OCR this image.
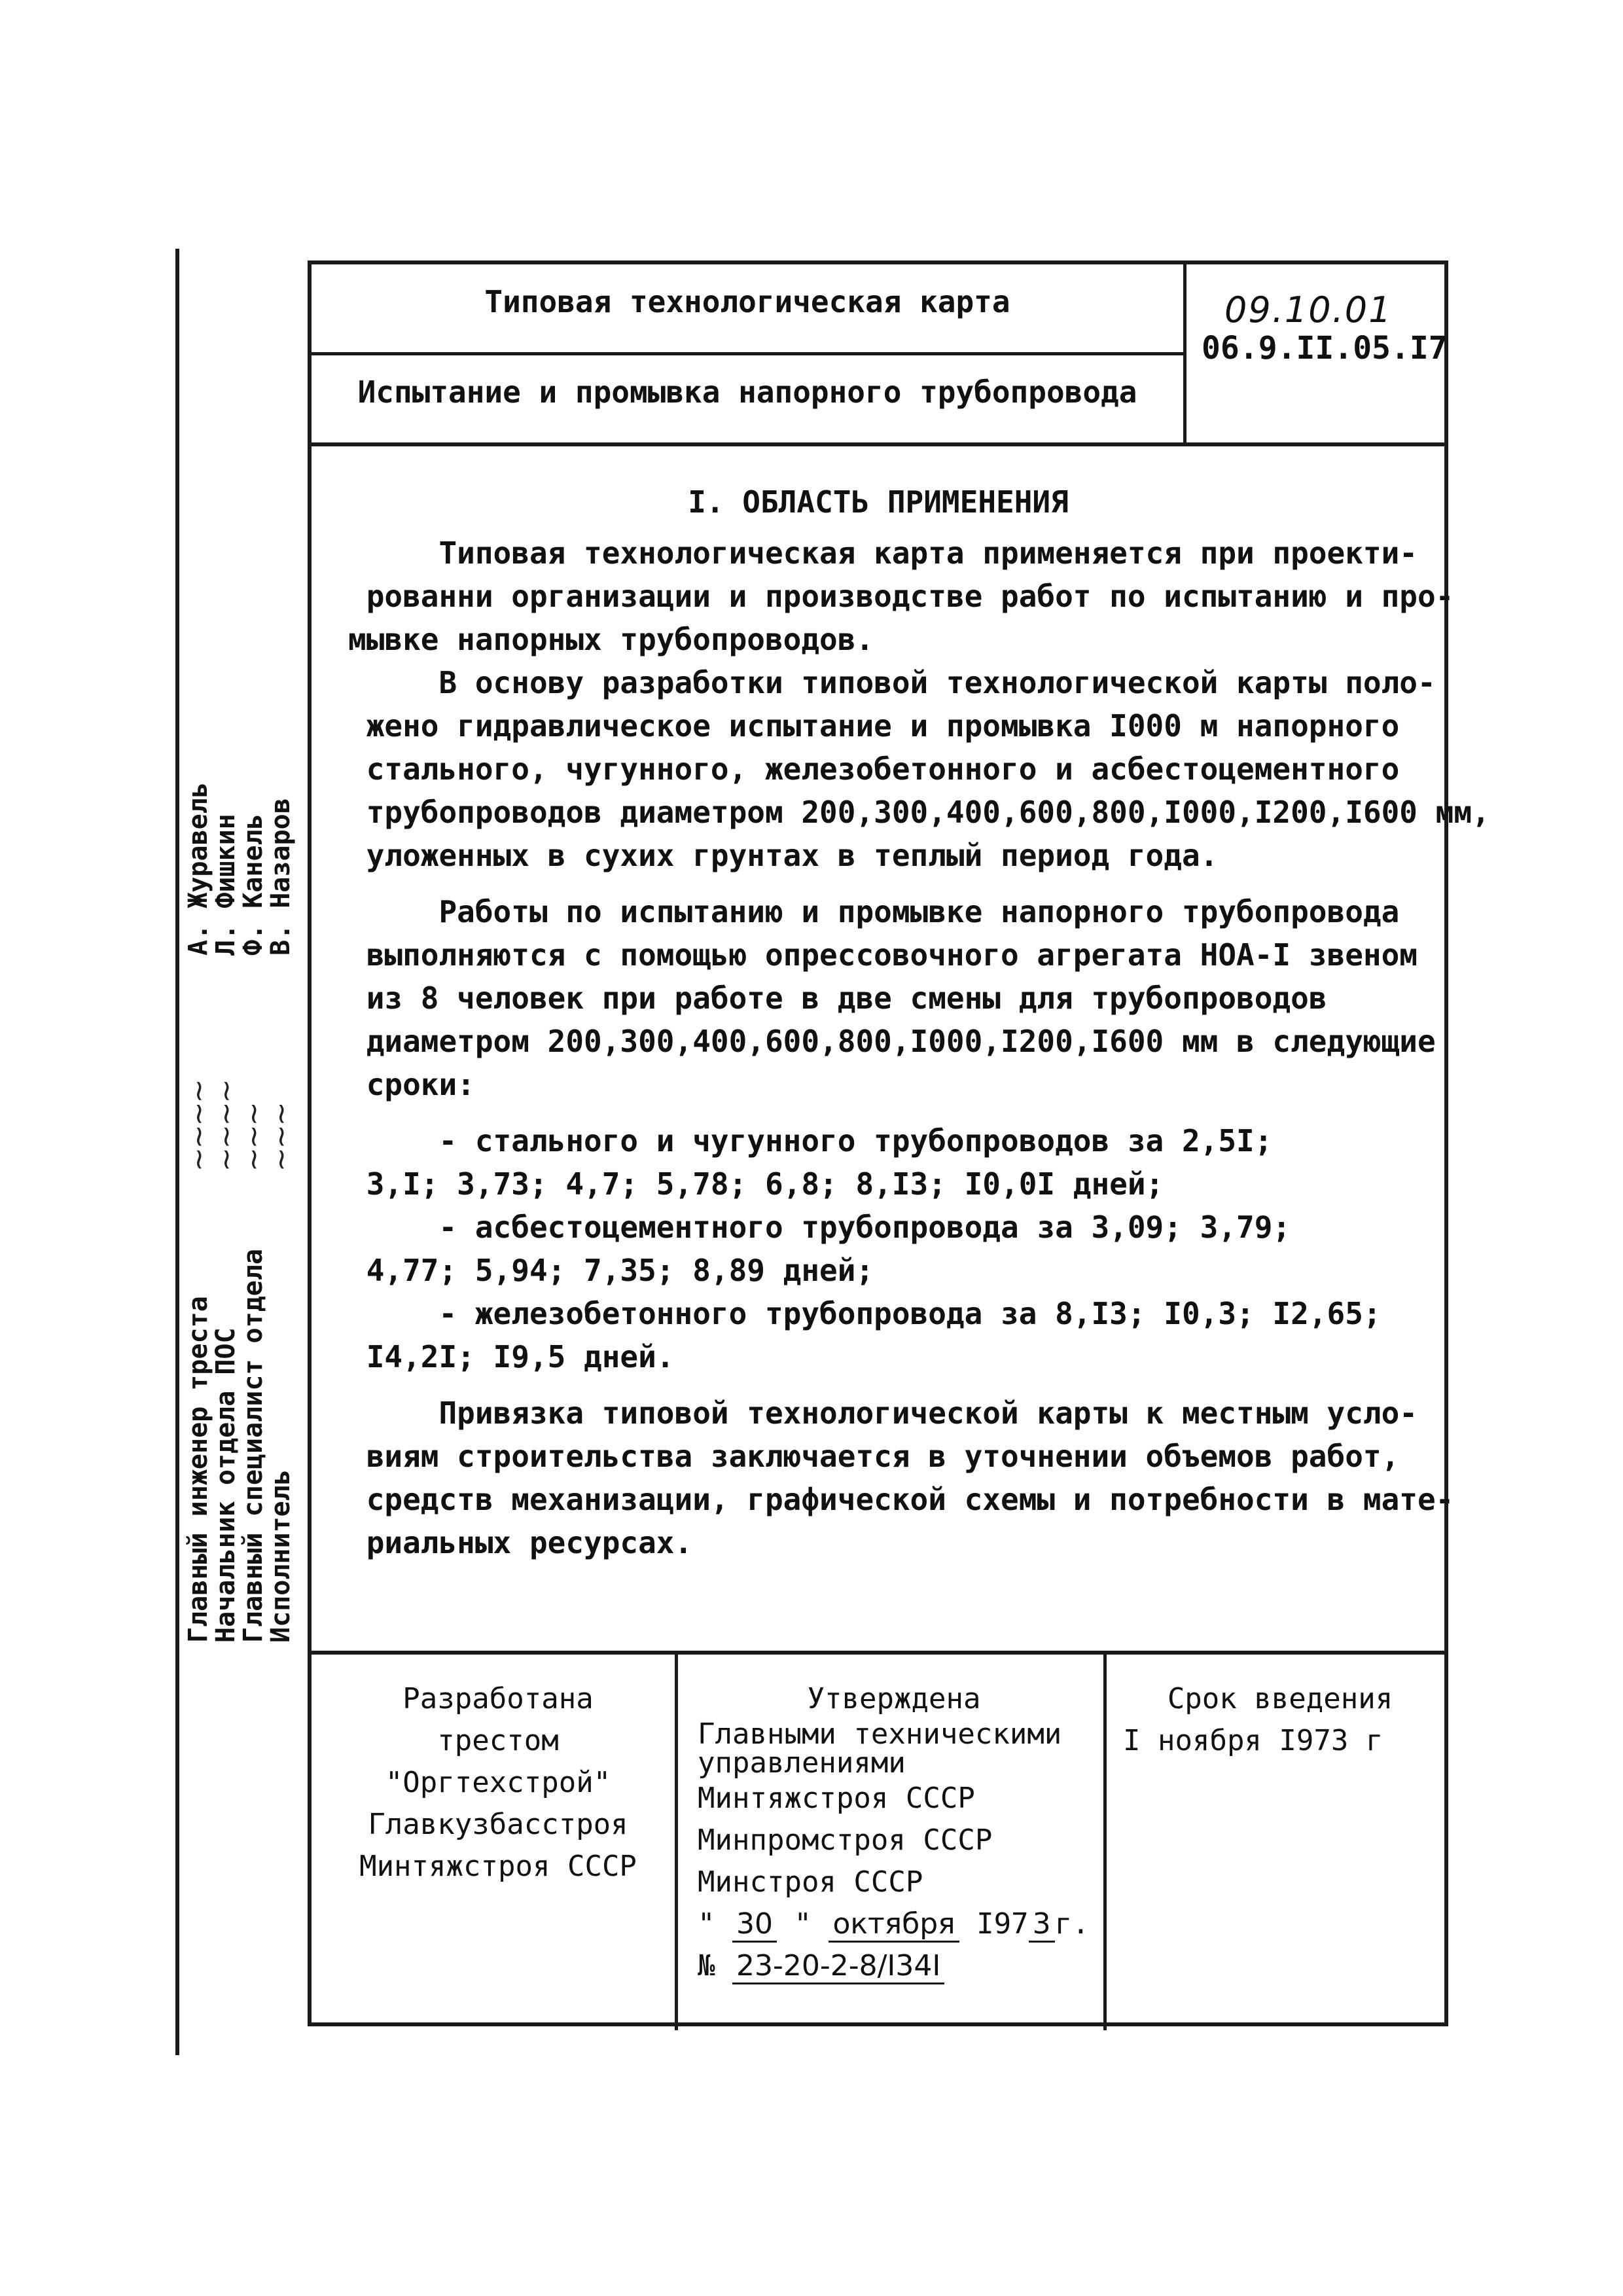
Главный инженер треста
~~~~
А. Журавель
Начальник отдела ПОС
~~~~
Л. Фишкин
Главный специалист отдела
~~~
Ф. Канель
Исполнитель
~~~
В. Назаров
Типовая технологическая карта
Испытание и промывка напорного трубопровода
09.10.01
06.9.II.05.I7

I. ОБЛАСТЬ ПРИМЕНЕНИЯ

Типовая технологическая карта применяется при проекти-

рованни организации и производстве работ по испытанию и про-

мывке напорных трубопроводов.

В основу разработки типовой технологической карты поло-

жено гидравлическое испытание и промывка I000 м напорного

стального, чугунного, железобетонного и асбестоцементного

трубопроводов диаметром 200,300,400,600,800,I000,I200,I600 мм,

уложенных в сухих грунтах в теплый период года.

Работы по испытанию и промывке напорного трубопровода

выполняются с помощью опрессовочного агрегата НОА-I звеном

из 8 человек при работе в две смены для трубопроводов

диаметром 200,300,400,600,800,I000,I200,I600 мм в следующие

сроки:

- стального и чугунного трубопроводов за 2,5I;

3,I; 3,73; 4,7; 5,78; 6,8; 8,I3; I0,0I дней;

- асбестоцементного трубопровода за 3,09; 3,79;

4,77; 5,94; 7,35; 8,89 дней;

- железобетонного трубопровода за 8,I3; I0,3; I2,65;

I4,2I; I9,5 дней.

Привязка типовой технологической карты к местным усло-

виям строительства заключается в уточнении объемов работ,

средств механизации, графической схемы и потребности в мате-

риальных ресурсах.

Разработана
трестом
"Оргтехстрой"
Главкузбасстроя
Минтяжстроя СССР
Утверждена
Главными техническими
управлениями
Минтяжстроя СССР
Минпромстроя СССР
Минстроя СССР
" 30 " октября I97 3 г.
№ 23-20-2-8/I34I
Срок введения
I ноября I973 г
